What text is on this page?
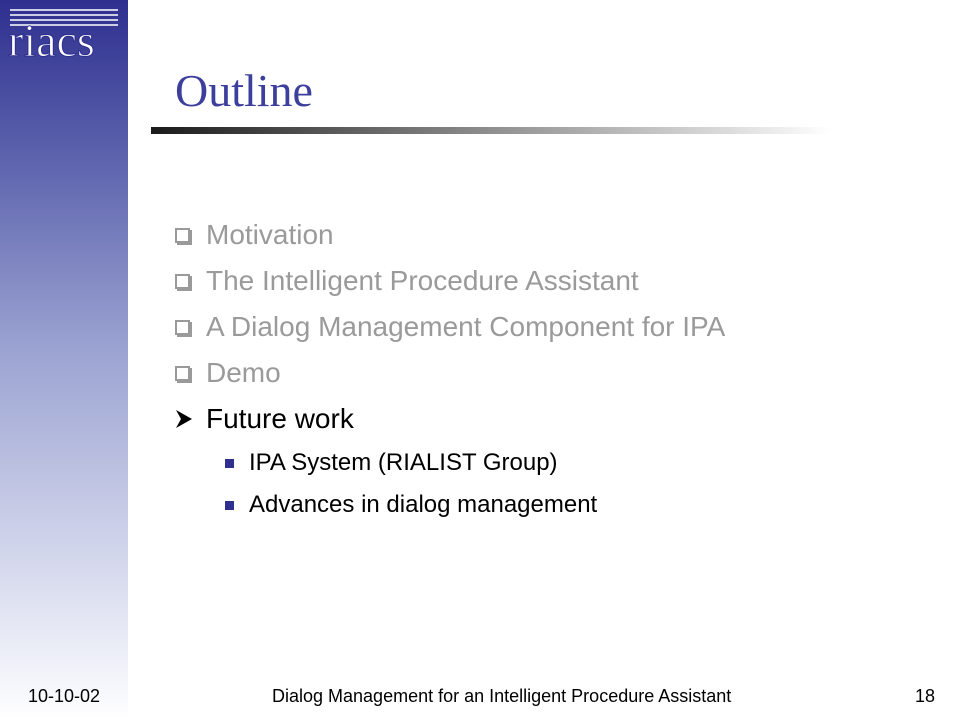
riacs
Outline
Motivation
The Intelligent Procedure Assistant
A Dialog Management Component for IPA
Demo
Future work
IPA System (RIALIST Group)
Advances in dialog management
10-10-02	Dialog Management for an Intelligent Procedure Assistant	18
